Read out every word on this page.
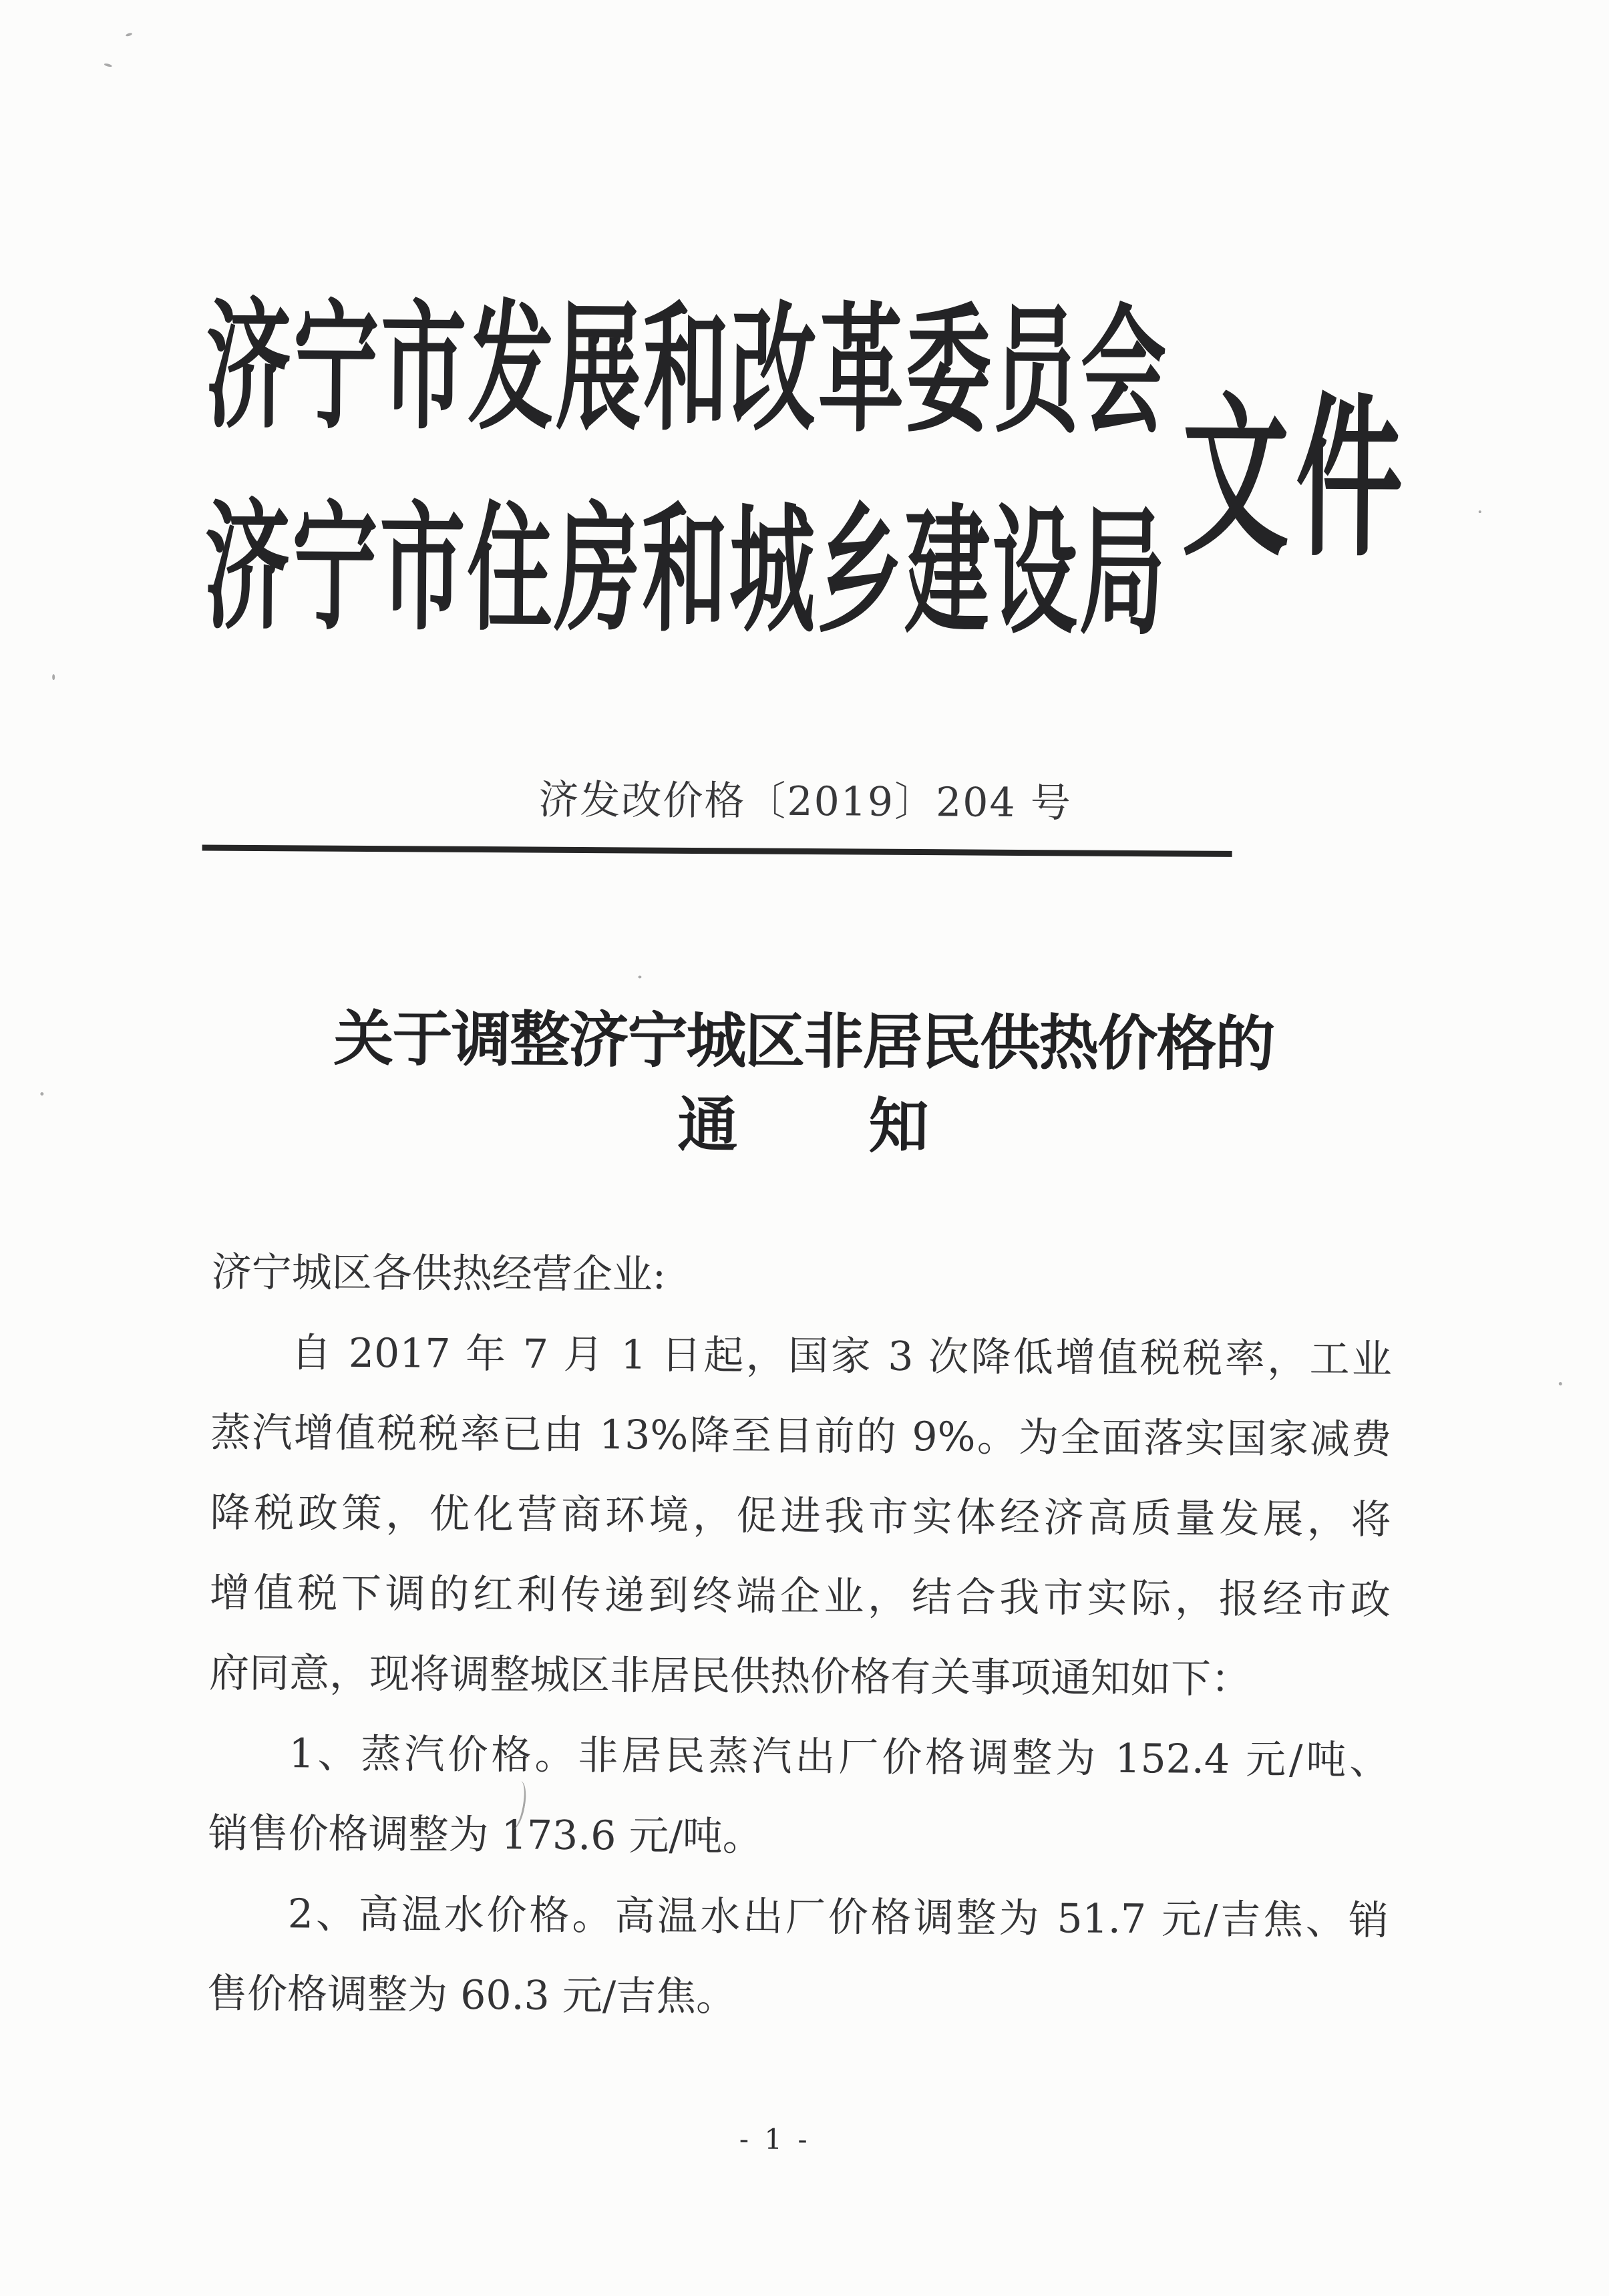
济宁市发展和改革委员会
济宁市住房和城乡建设局 文件
济发改价格〔2019〕204 号
关于调整济宁城区非居民供热价格的
通 知
济宁城区各供热经营企业:
自 2017 年 7 月 1 日起，国家 3 次降低增值税税率，工业
蒸汽增值税税率已由 13%降至目前的 9%。为全面落实国家减费
降税政策，优化营商环境，促进我市实体经济高质量发展，将
增值税下调的红利传递到终端企业，结合我市实际，报经市政
府同意，现将调整城区非居民供热价格有关事项通知如下：
1、蒸汽价格。非居民蒸汽出厂价格调整为 152.4 元/吨、
销售价格调整为 173.6 元/吨。
2、高温水价格。高温水出厂价格调整为 51.7 元/吉焦、销
售价格调整为 60.3 元/吉焦。
- 1 -
